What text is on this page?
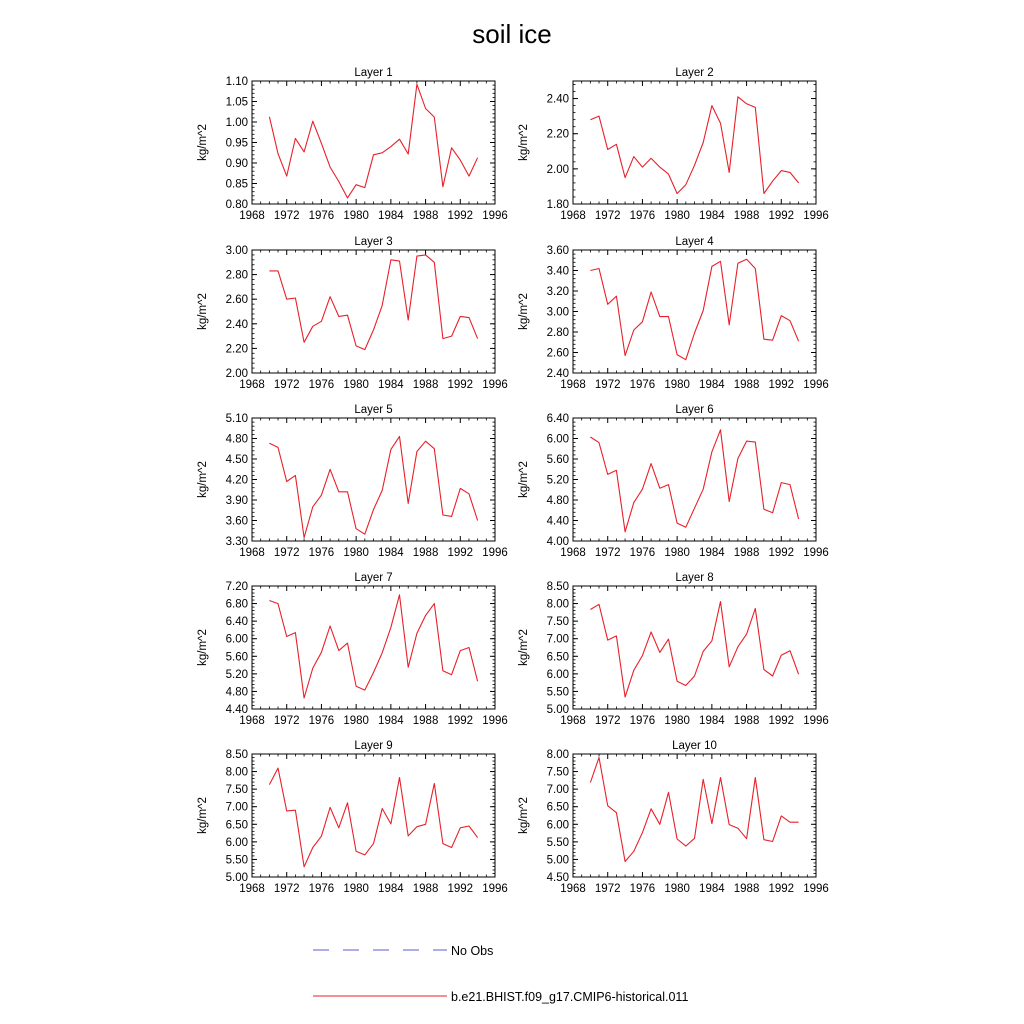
soil ice
Layer 1
kg/m^2
1968 1972 1976 1980 1984 1988 1992 1996
0.80
0.85
0.90
0.95
1.00
1.05
1.10
Layer 2
kg/m^2
1968 1972 1976 1980 1984 1988 1992 1996
1.80
2.00
2.20
2.40
Layer 3
kg/m^2
1968 1972 1976 1980 1984 1988 1992 1996
2.00
2.20
2.40
2.60
2.80
3.00
Layer 4
kg/m^2
1968 1972 1976 1980 1984 1988 1992 1996
2.40
2.60
2.80
3.00
3.20
3.40
3.60
Layer 5
kg/m^2
1968 1972 1976 1980 1984 1988 1992 1996
3.30
3.60
3.90
4.20
4.50
4.80
5.10
Layer 6
kg/m^2
1968 1972 1976 1980 1984 1988 1992 1996
4.00
4.40
4.80
5.20
5.60
6.00
6.40
Layer 7
kg/m^2
1968 1972 1976 1980 1984 1988 1992 1996
4.40
4.80
5.20
5.60
6.00
6.40
6.80
7.20
Layer 8
kg/m^2
1968 1972 1976 1980 1984 1988 1992 1996
5.00
5.50
6.00
6.50
7.00
7.50
8.00
8.50
Layer 9
kg/m^2
1968 1972 1976 1980 1984 1988 1992 1996
5.00
5.50
6.00
6.50
7.00
7.50
8.00
8.50
Layer 10
kg/m^2
1968 1972 1976 1980 1984 1988 1992 1996
4.50
5.00
5.50
6.00
6.50
7.00
7.50
8.00
No Obs
b.e21.BHIST.f09_g17.CMIP6-historical.011
